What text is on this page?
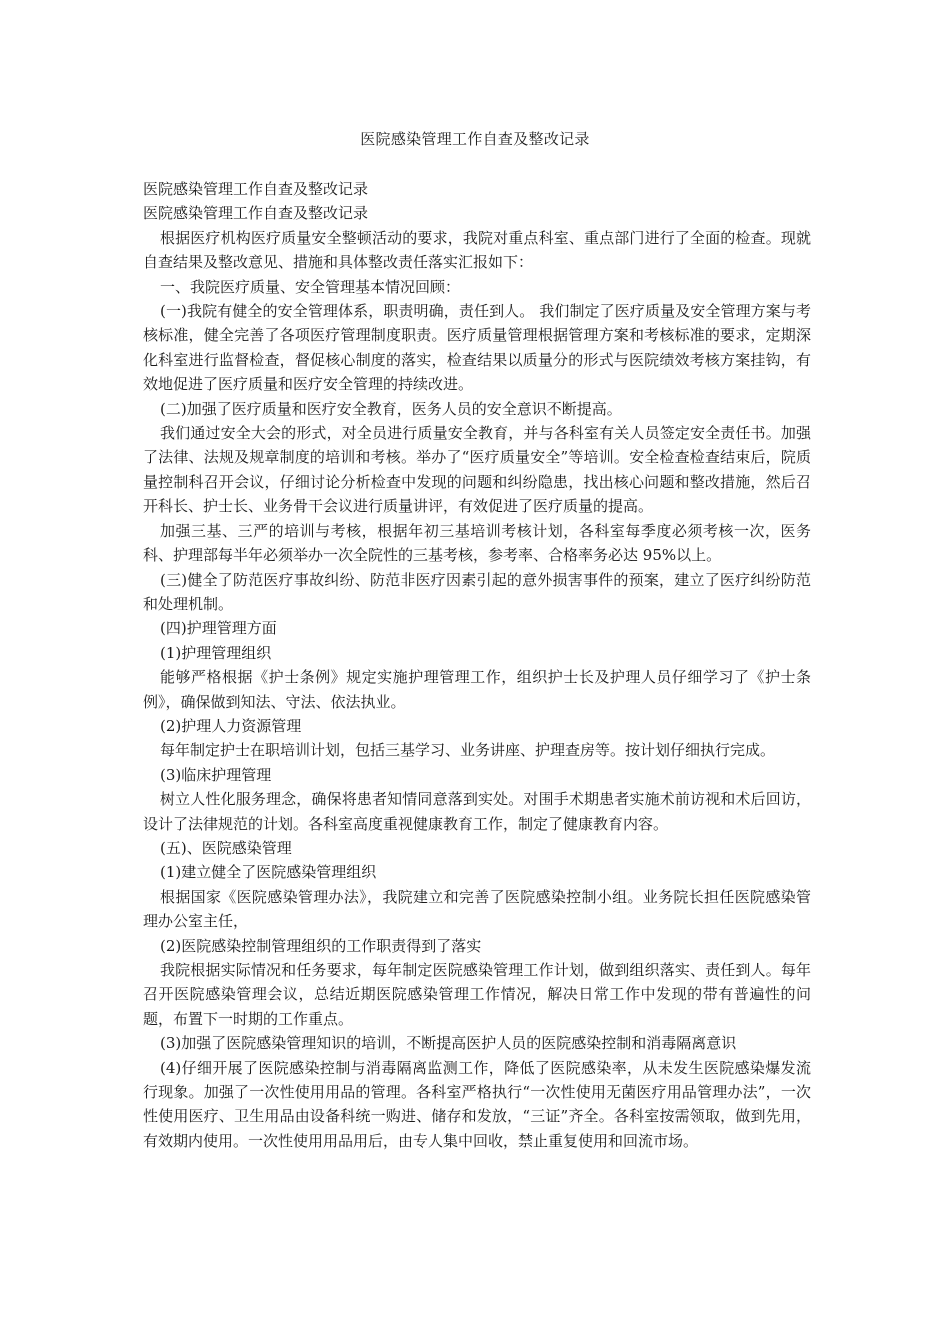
医院感染管理工作自查及整改记录

医院感染管理工作自查及整改记录

医院感染管理工作自查及整改记录

根据医疗机构医疗质量安全整顿活动的要求，我院对重点科室、重点部门进行了全面的检查。现就自查结果及整改意见、措施和具体整改责任落实汇报如下：

一、我院医疗质量、安全管理基本情况回顾：

(一)我院有健全的安全管理体系，职责明确，责任到人。 我们制定了医疗质量及安全管理方案与考核标准，健全完善了各项医疗管理制度职责。医疗质量管理根据管理方案和考核标准的要求，定期深化科室进行监督检查，督促核心制度的落实，检查结果以质量分的形式与医院绩效考核方案挂钩，有效地促进了医疗质量和医疗安全管理的持续改进。

(二)加强了医疗质量和医疗安全教育，医务人员的安全意识不断提高。

我们通过安全大会的形式，对全员进行质量安全教育，并与各科室有关人员签定安全责任书。加强了法律、法规及规章制度的培训和考核。举办了“医疗质量安全”等培训。安全检查检查结束后，院质量控制科召开会议，仔细讨论分析检查中发现的问题和纠纷隐患，找出核心问题和整改措施，然后召开科长、护士长、业务骨干会议进行质量讲评，有效促进了医疗质量的提高。

加强三基、三严的培训与考核，根据年初三基培训考核计划，各科室每季度必须考核一次，医务科、护理部每半年必须举办一次全院性的三基考核，参考率、合格率务必达 95%以上。

(三)健全了防范医疗事故纠纷、防范非医疗因素引起的意外损害事件的预案，建立了医疗纠纷防范和处理机制。

(四)护理管理方面

(1)护理管理组织

能够严格根据《护士条例》规定实施护理管理工作，组织护士长及护理人员仔细学习了《护士条例》，确保做到知法、守法、依法执业。

(2)护理人力资源管理

每年制定护士在职培训计划，包括三基学习、业务讲座、护理查房等。按计划仔细执行完成。

(3)临床护理管理

树立人性化服务理念，确保将患者知情同意落到实处。对围手术期患者实施术前访视和术后回访，设计了法律规范的计划。各科室高度重视健康教育工作，制定了健康教育内容。

(五)、医院感染管理

(1)建立健全了医院感染管理组织

根据国家《医院感染管理办法》，我院建立和完善了医院感染控制小组。业务院长担任医院感染管理办公室主任，

(2)医院感染控制管理组织的工作职责得到了落实

我院根据实际情况和任务要求，每年制定医院感染管理工作计划，做到组织落实、责任到人。每年召开医院感染管理会议，总结近期医院感染管理工作情况，解决日常工作中发现的带有普遍性的问题，布置下一时期的工作重点。

(3)加强了医院感染管理知识的培训，不断提高医护人员的医院感染控制和消毒隔离意识

(4)仔细开展了医院感染控制与消毒隔离监测工作，降低了医院感染率，从未发生医院感染爆发流行现象。加强了一次性使用用品的管理。各科室严格执行“一次性使用无菌医疗用品管理办法”，一次性使用医疗、卫生用品由设备科统一购进、储存和发放，“三证”齐全。各科室按需领取，做到先用，有效期内使用。一次性使用用品用后，由专人集中回收，禁止重复使用和回流市场。
